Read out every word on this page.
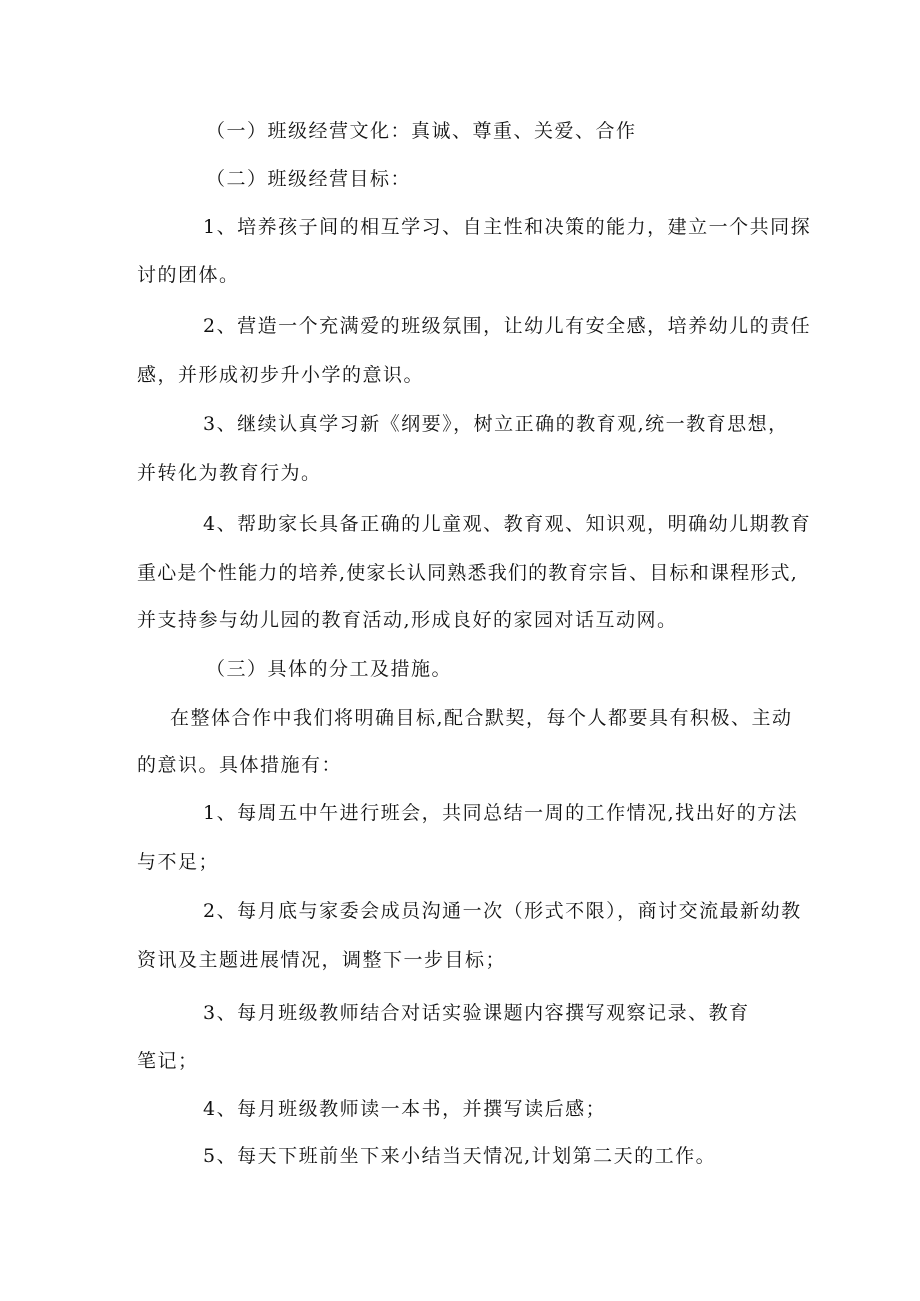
（一）班级经营文化：真诚、尊重、关爱、合作
（二）班级经营目标：
1、培养孩子间的相互学习、自主性和决策的能力，建立一个共同探
讨的团体。
2、营造一个充满爱的班级氛围，让幼儿有安全感，培养幼儿的责任
感，并形成初步升小学的意识。
3、继续认真学习新《纲要》，树立正确的教育观,统一教育思想，
并转化为教育行为。
4、帮助家长具备正确的儿童观、教育观、知识观，明确幼儿期教育
重 心 是 个 性 能 力 的 培 养 , 使 家 长 认 同 熟 悉 我 们 的 教 育 宗 旨 、 目 标 和 课 程 形 式 ,
并支持参与幼儿园的教育活动,形成良好的家园对话互动网。
（三）具体的分工及措施。
在整体合作中我们将明确目标,配合默契，每个人都要具有积极、主动
的意识。具体措施有：
1、每周五中午进行班会，共同总结一周的工作情况,找出好的方法
与不足；
2、每月底与家委会成员沟通一次（形式不限），商讨交流最新幼教
资讯及主题进展情况，调整下一步目标；
3、每月班级教师结合对话实验课题内容撰写观察记录、教育
笔记；
4、每月班级教师读一本书，并撰写读后感；
5、每天下班前坐下来小结当天情况,计划第二天的工作。
